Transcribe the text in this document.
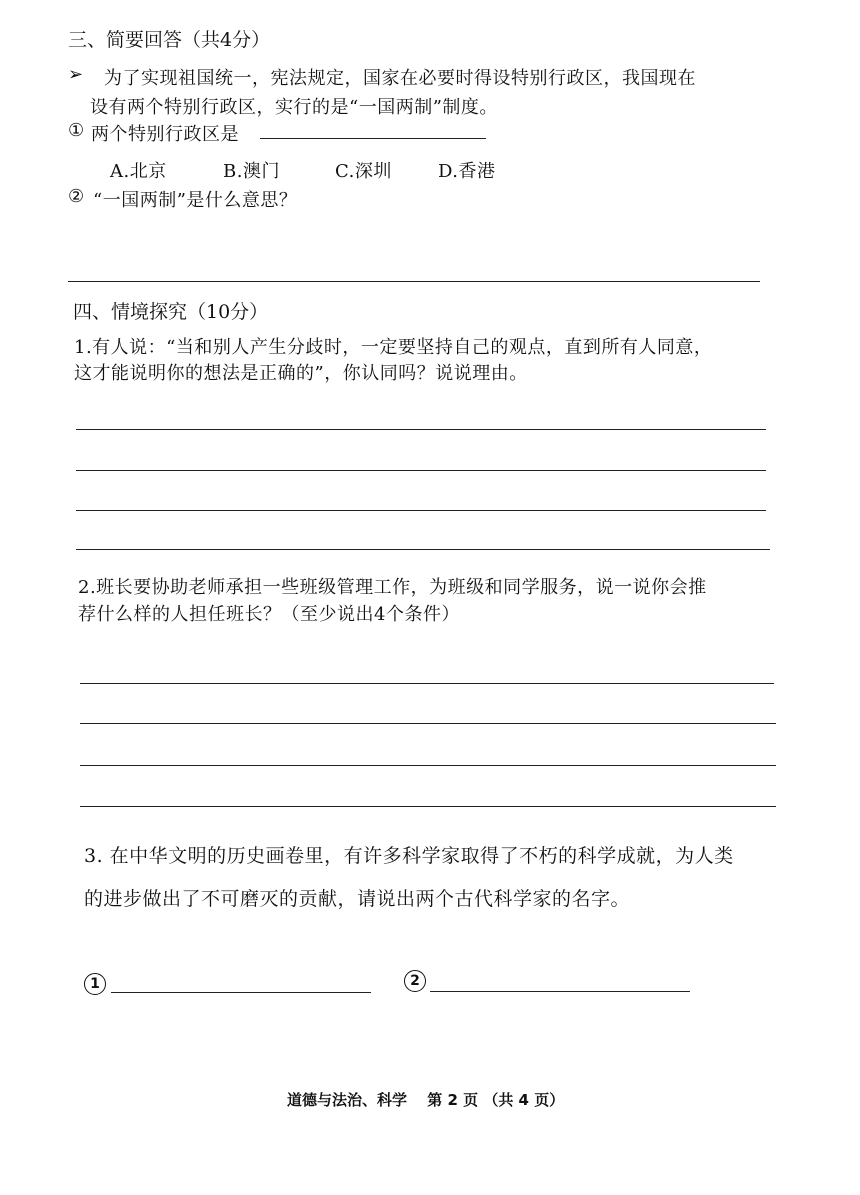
三、简要回答（共4分）
➢ 为了实现祖国统一，宪法规定，国家在必要时得设特别行政区，我国现在
设有两个特别行政区，实行的是“一国两制”制度。
① 两个特别行政区是
A.北京	B.澳门	C.深圳	D.香港
② “一国两制”是什么意思？
四、情境探究（10分）
1.有人说：“当和别人产生分歧时，一定要坚持自己的观点，直到所有人同意，
这才能说明你的想法是正确的”，你认同吗？说说理由。
2.班长要协助老师承担一些班级管理工作，为班级和同学服务，说一说你会推
荐什么样的人担任班长？（至少说出4个条件）
3. 在中华文明的历史画卷里，有许多科学家取得了不朽的科学成就，为人类
的进步做出了不可磨灭的贡献，请说出两个古代科学家的名字。
1	2
道德与法治、科学　 第 2 页 （共 4 页）
